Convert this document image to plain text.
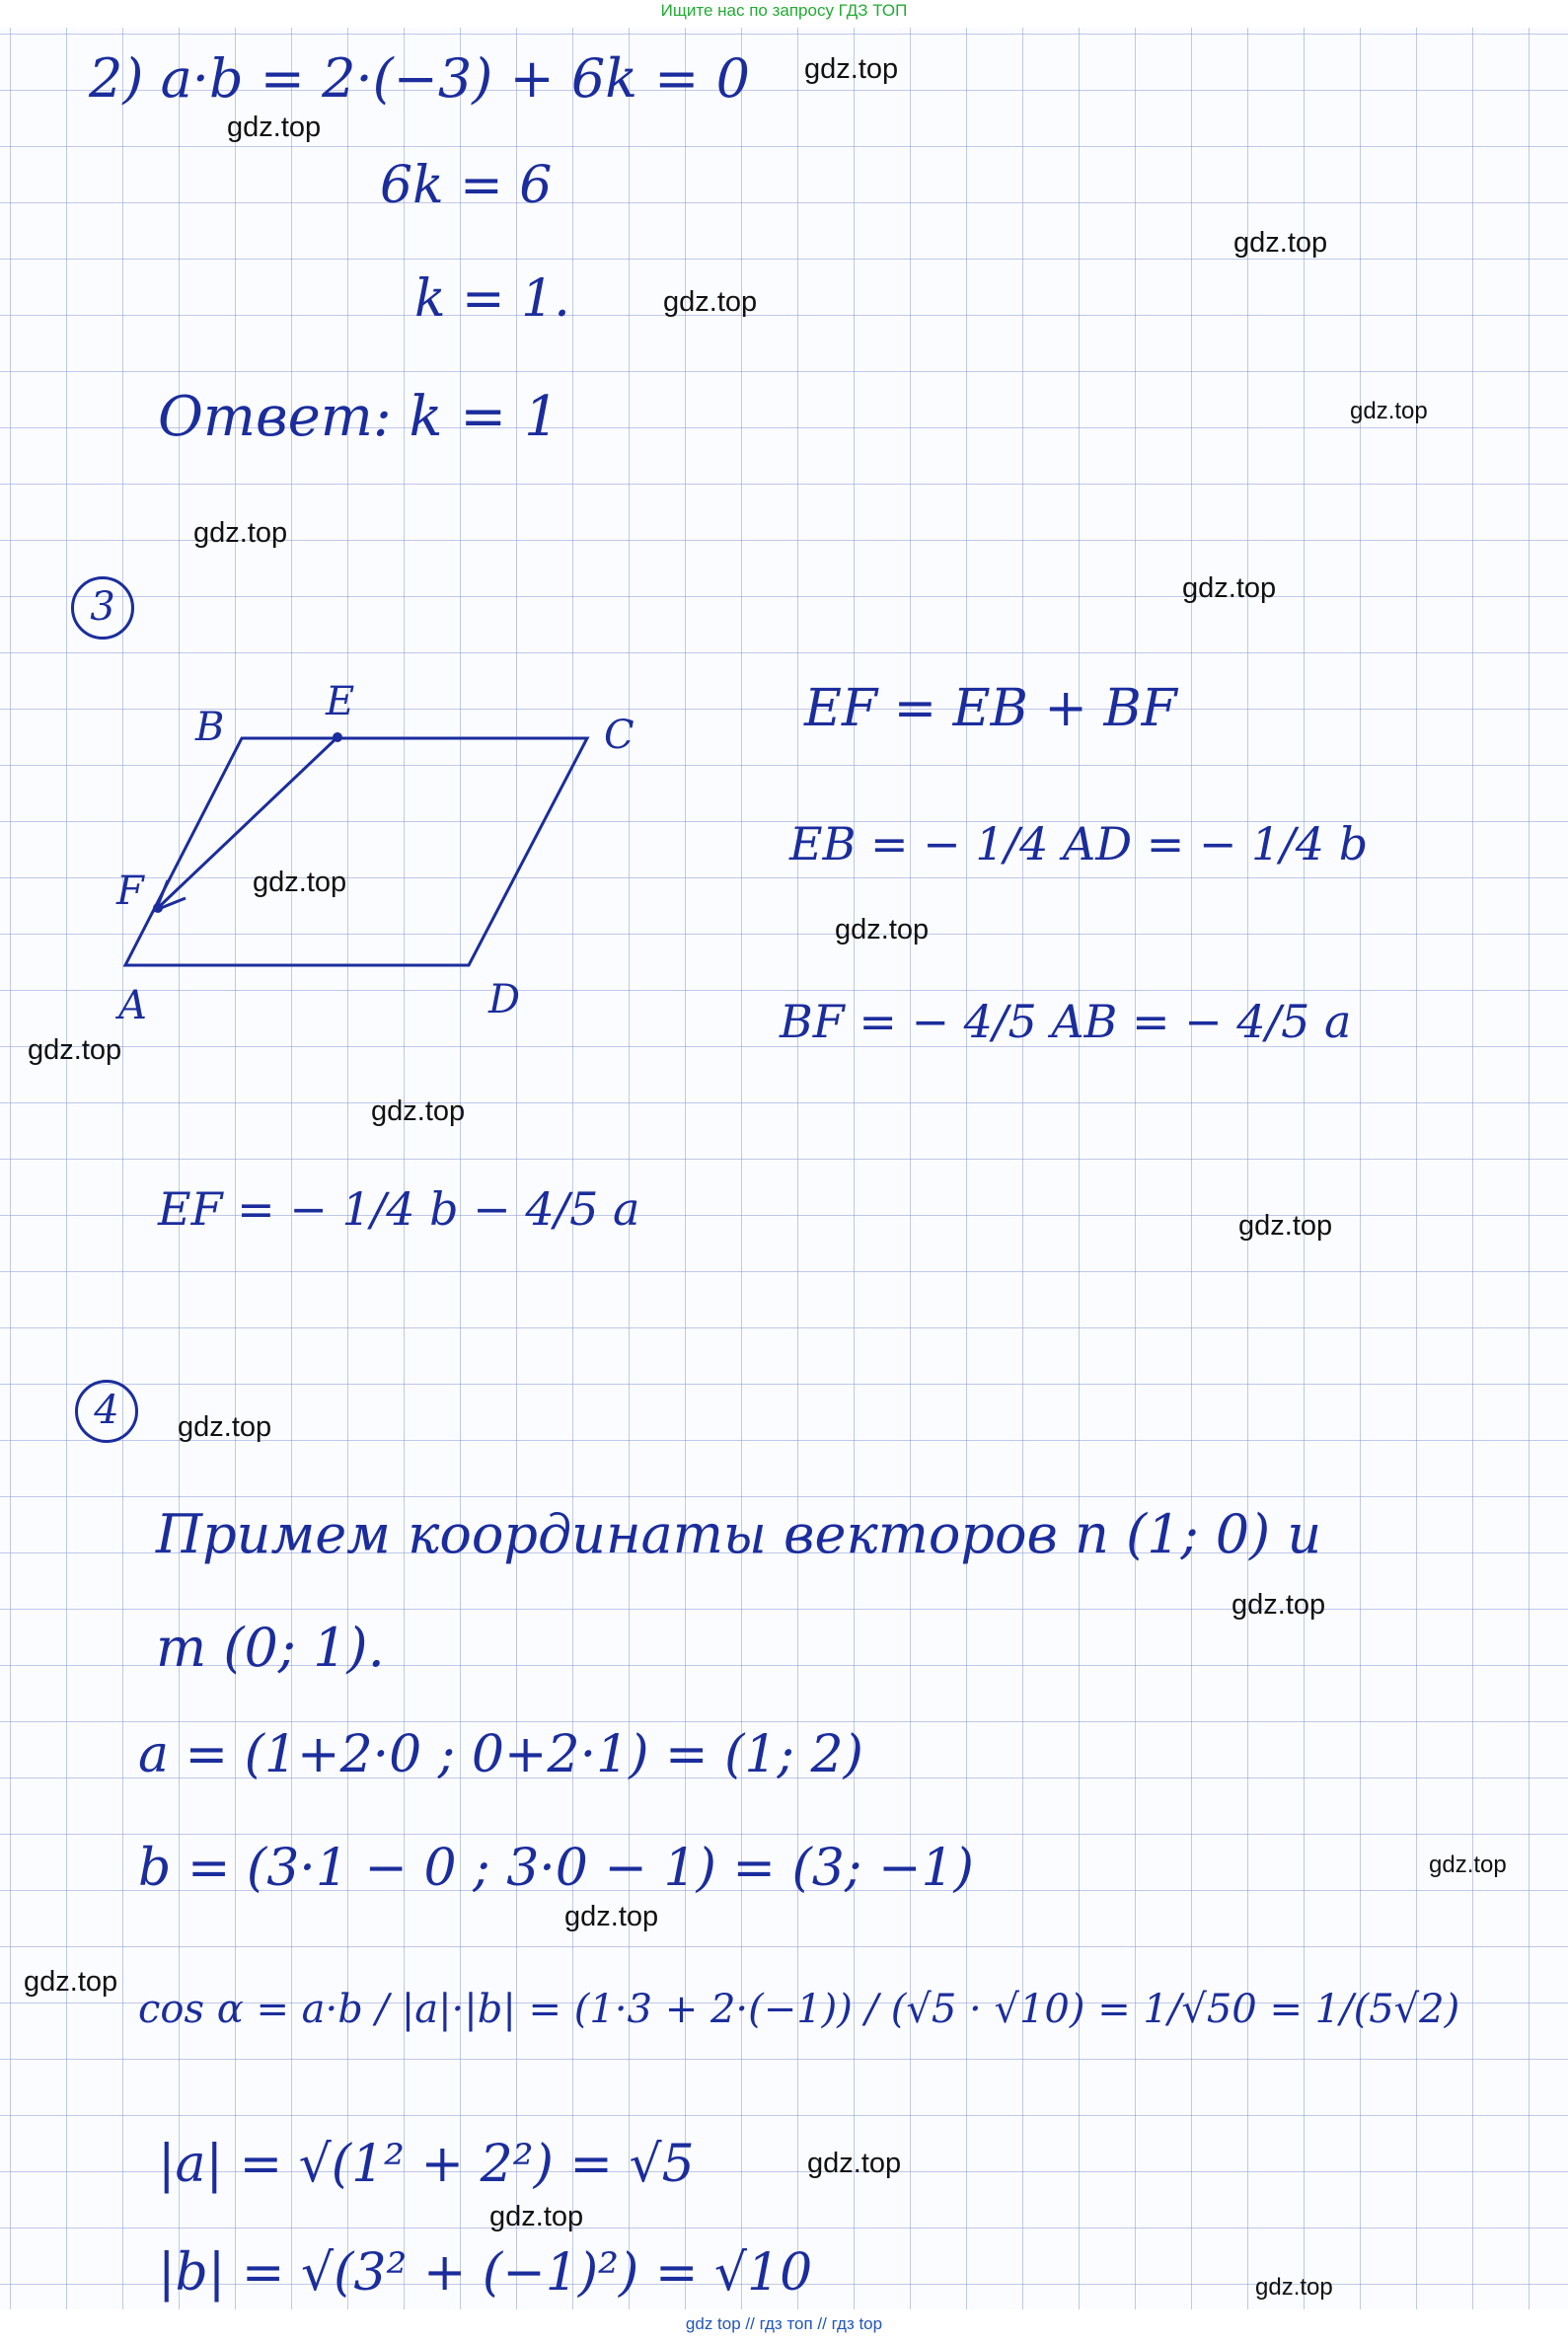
Ищите нас по запросу ГДЗ ТОП
2) a·b = 2·(−3) + 6k = 0
6k = 6
k = 1.
Ответ: k = 1
3
B
E
C
F
A	D
EF = EB + BF
EB = − 1/4 AD = − 1/4 b
BF = − 4/5 AB = − 4/5 a
EF = − 1/4 b − 4/5 a
4
Примем координаты векторов n (1; 0) и
m (0; 1).
a = (1+2·0 ; 0+2·1) = (1; 2)
b = (3·1 − 0 ; 3·0 − 1) = (3; −1)
cos α = a·b / |a|·|b| = (1·3 + 2·(−1)) / (√5 · √10) = 1/√50 = 1/(5√2)
|a| = √(1² + 2²) = √5
|b| = √(3² + (−1)²) = √10
gdz.top
gdz.top
gdz.top
gdz.top
gdz.top
gdz.top
gdz.top
gdz.top
gdz.top
gdz.top
gdz.top
gdz.top
gdz.top
gdz.top
gdz.top
gdz.top
gdz.top
gdz.top
gdz.top
gdz.top
gdz top // гдз топ // гдз top
